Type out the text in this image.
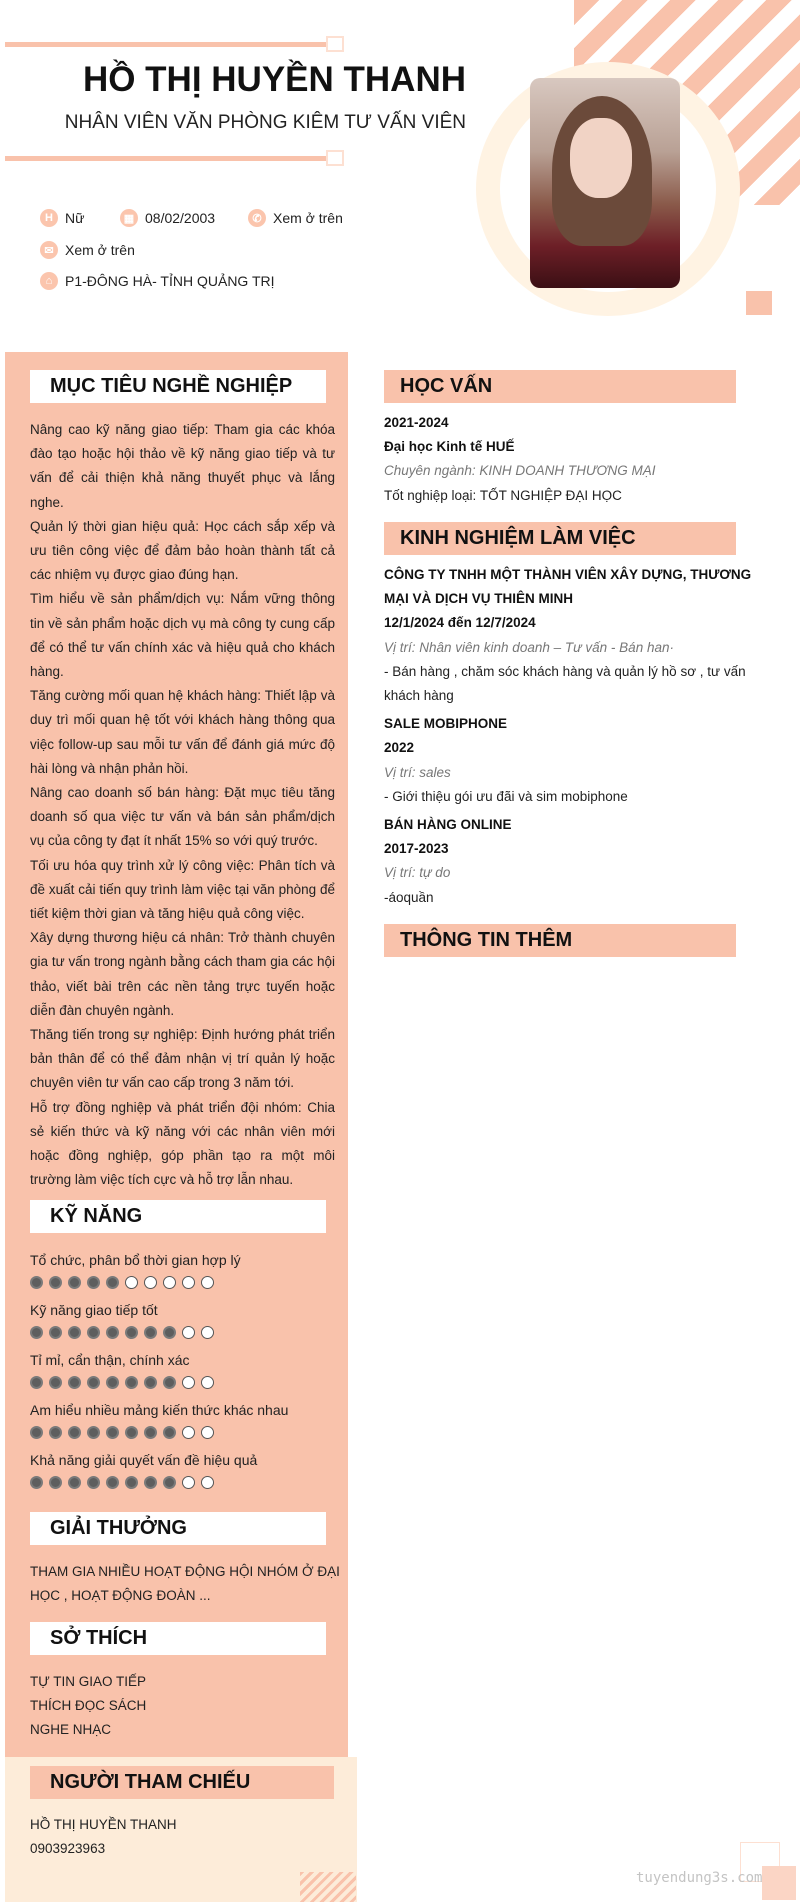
HỒ THỊ HUYỀN THANH
NHÂN VIÊN VĂN PHÒNG KIÊM TƯ VẤN VIÊN
H Nữ	▦ 08/02/2003	✆ Xem ở trên
✉ Xem ở trên
⌂ P1-ĐÔNG HÀ- TỈNH QUẢNG TRỊ
MỤC TIÊU NGHỀ NGHIỆP

Nâng cao kỹ năng giao tiếp: Tham gia các khóa đào tạo hoặc hội thảo về kỹ năng giao tiếp và tư vấn để cải thiện khả năng thuyết phục và lắng nghe.

Quản lý thời gian hiệu quả: Học cách sắp xếp và ưu tiên công việc để đảm bảo hoàn thành tất cả các nhiệm vụ được giao đúng hạn.

Tìm hiểu về sản phẩm/dịch vụ: Nắm vững thông tin về sản phẩm hoặc dịch vụ mà công ty cung cấp để có thể tư vấn chính xác và hiệu quả cho khách hàng.

Tăng cường mối quan hệ khách hàng: Thiết lập và duy trì mối quan hệ tốt với khách hàng thông qua việc follow-up sau mỗi tư vấn để đánh giá mức độ hài lòng và nhận phản hồi.

Nâng cao doanh số bán hàng: Đặt mục tiêu tăng doanh số qua việc tư vấn và bán sản phẩm/dịch vụ của công ty đạt ít nhất 15% so với quý trước.

Tối ưu hóa quy trình xử lý công việc: Phân tích và đề xuất cải tiến quy trình làm việc tại văn phòng để tiết kiệm thời gian và tăng hiệu quả công việc.

Xây dựng thương hiệu cá nhân: Trở thành chuyên gia tư vấn trong ngành bằng cách tham gia các hội thảo, viết bài trên các nền tảng trực tuyến hoặc diễn đàn chuyên ngành.

Thăng tiến trong sự nghiệp: Định hướng phát triển bản thân để có thể đảm nhận vị trí quản lý hoặc chuyên viên tư vấn cao cấp trong 3 năm tới.

Hỗ trợ đồng nghiệp và phát triển đội nhóm: Chia sẻ kiến thức và kỹ năng với các nhân viên mới hoặc đồng nghiệp, góp phần tạo ra một môi trường làm việc tích cực và hỗ trợ lẫn nhau.

KỸ NĂNG
Tổ chức, phân bổ thời gian hợp lý
Kỹ năng giao tiếp tốt
Tỉ mỉ, cẩn thận, chính xác
Am hiểu nhiều mảng kiến thức khác nhau
Khả năng giải quyết vấn đề hiệu quả
GIẢI THƯỞNG
THAM GIA NHIỀU HOẠT ĐỘNG HỘI NHÓM Ở ĐẠI
HỌC , HOẠT ĐỘNG ĐOÀN ...
SỞ THÍCH
TỰ TIN GIAO TIẾP
THÍCH ĐỌC SÁCH
NGHE NHẠC
NGƯỜI THAM CHIẾU
HỒ THỊ HUYỀN THANH
0903923963
HỌC VẤN
2021-2024
Đại học Kinh tế HUẾ
Chuyên ngành: KINH DOANH THƯƠNG MẠI
Tốt nghiệp loại: TỐT NGHIỆP ĐẠI HỌC
KINH NGHIỆM LÀM VIỆC
CÔNG TY TNHH MỘT THÀNH VIÊN XÂY DỰNG, THƯƠNG
MẠI VÀ DỊCH VỤ THIÊN MINH
12/1/2024 đến 12/7/2024
Vị trí: Nhân viên kinh doanh – Tư vấn - Bán han·
- Bán hàng , chăm sóc khách hàng và quản lý hồ sơ , tư vấn
khách hàng
SALE MOBIPHONE
2022
Vị trí: sales
- Giới thiệu gói ưu đãi và sim mobiphone
BÁN HÀNG ONLINE
2017-2023
Vị trí: tự do
-áoquần
THÔNG TIN THÊM
tuyendung3s.com
